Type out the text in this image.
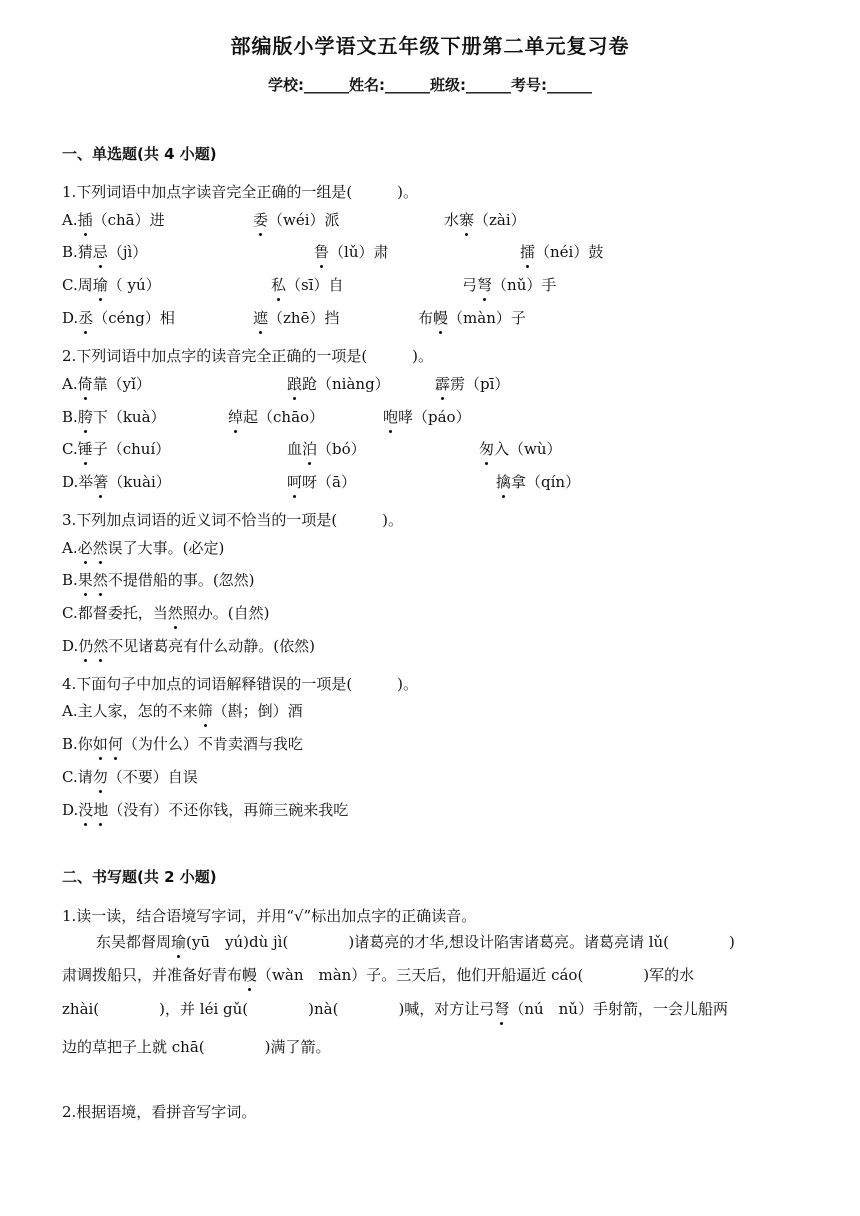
部编版小学语文五年级下册第二单元复习卷
学校:______姓名:______班级:______考号:______
一、单选题(共 4 小题)
1.下列词语中加点字读音完全正确的一组是(　　　)。
A.插（chā）进	委（wéi）派	水寨（zài）
B.猜忌（jì）	鲁（lǔ）肃	擂（néi）鼓
C.周瑜（ yú）	私（sī）自	弓弩（nǔ）手
D.丞（céng）相	遮（zhē）挡	布幔（màn）子
2.下列词语中加点字的读音完全正确的一项是(　　　)。
A.倚靠（yǐ）	踉跄（niàng）	霹雳（pī）
B.胯下（kuà）	绰起（chāo）	咆哮（páo）
C.锤子（chuí）	血泊（bó）	匆入（wù）
D.举箸（kuài）	呵呀（ā）	擒拿（qín）
3.下列加点词语的近义词不恰当的一项是(　　　)。
A.必然误了大事。(必定)
B.果然不提借船的事。(忽然)
C.都督委托，当然照办。(自然)
D.仍然不见诸葛亮有什么动静。(依然)
4.下面句子中加点的词语解释错误的一项是(　　　)。
A.主人家，怎的不来筛（斟；倒）酒
B.你如何（为什么）不肯卖酒与我吃
C.请勿（不要）自误
D.没地（没有）不还你钱，再筛三碗来我吃
二、书写题(共 2 小题)
1.读一读，结合语境写字词，并用“√”标出加点字的正确读音。
东吴都督周瑜(yū　yú)dù jì(　　　　)诸葛亮的才华,想设计陷害诸葛亮。诸葛亮请 lǔ(　　　　)
肃调拨船只，并准备好青布幔（wàn　màn）子。三天后，他们开船逼近 cáo(　　　　)军的水
zhài(　　　　)，并 léi gǔ(　　　　)nà(　　　　)喊，对方让弓弩（nú　nǔ）手射箭，一会儿船两
边的草把子上就 chā(　　　　)满了箭。
2.根据语境，看拼音写字词。
